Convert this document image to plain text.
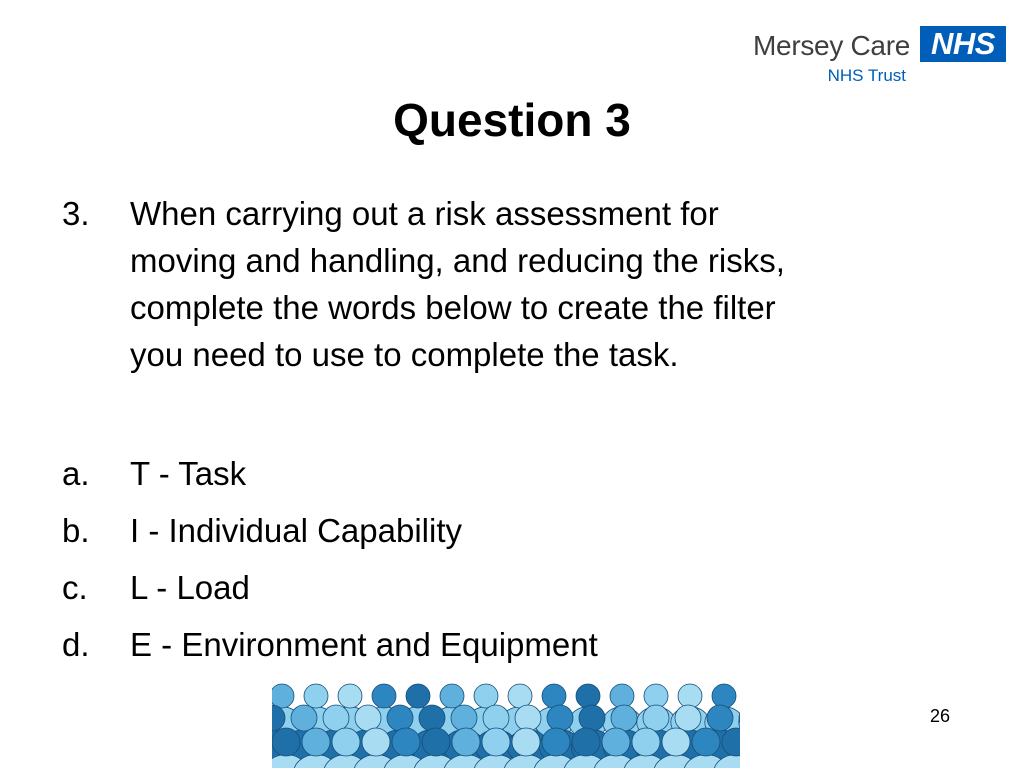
Mersey Care
NHS Trust
NHS
Question 3
3. When carrying out a risk assessment for
moving and handling, and reducing the risks,
complete the words below to create the filter
you need to use to complete the task.
a. T - Task
b. I - Individual Capability
c. L - Load
d. E - Environment and Equipment
26
